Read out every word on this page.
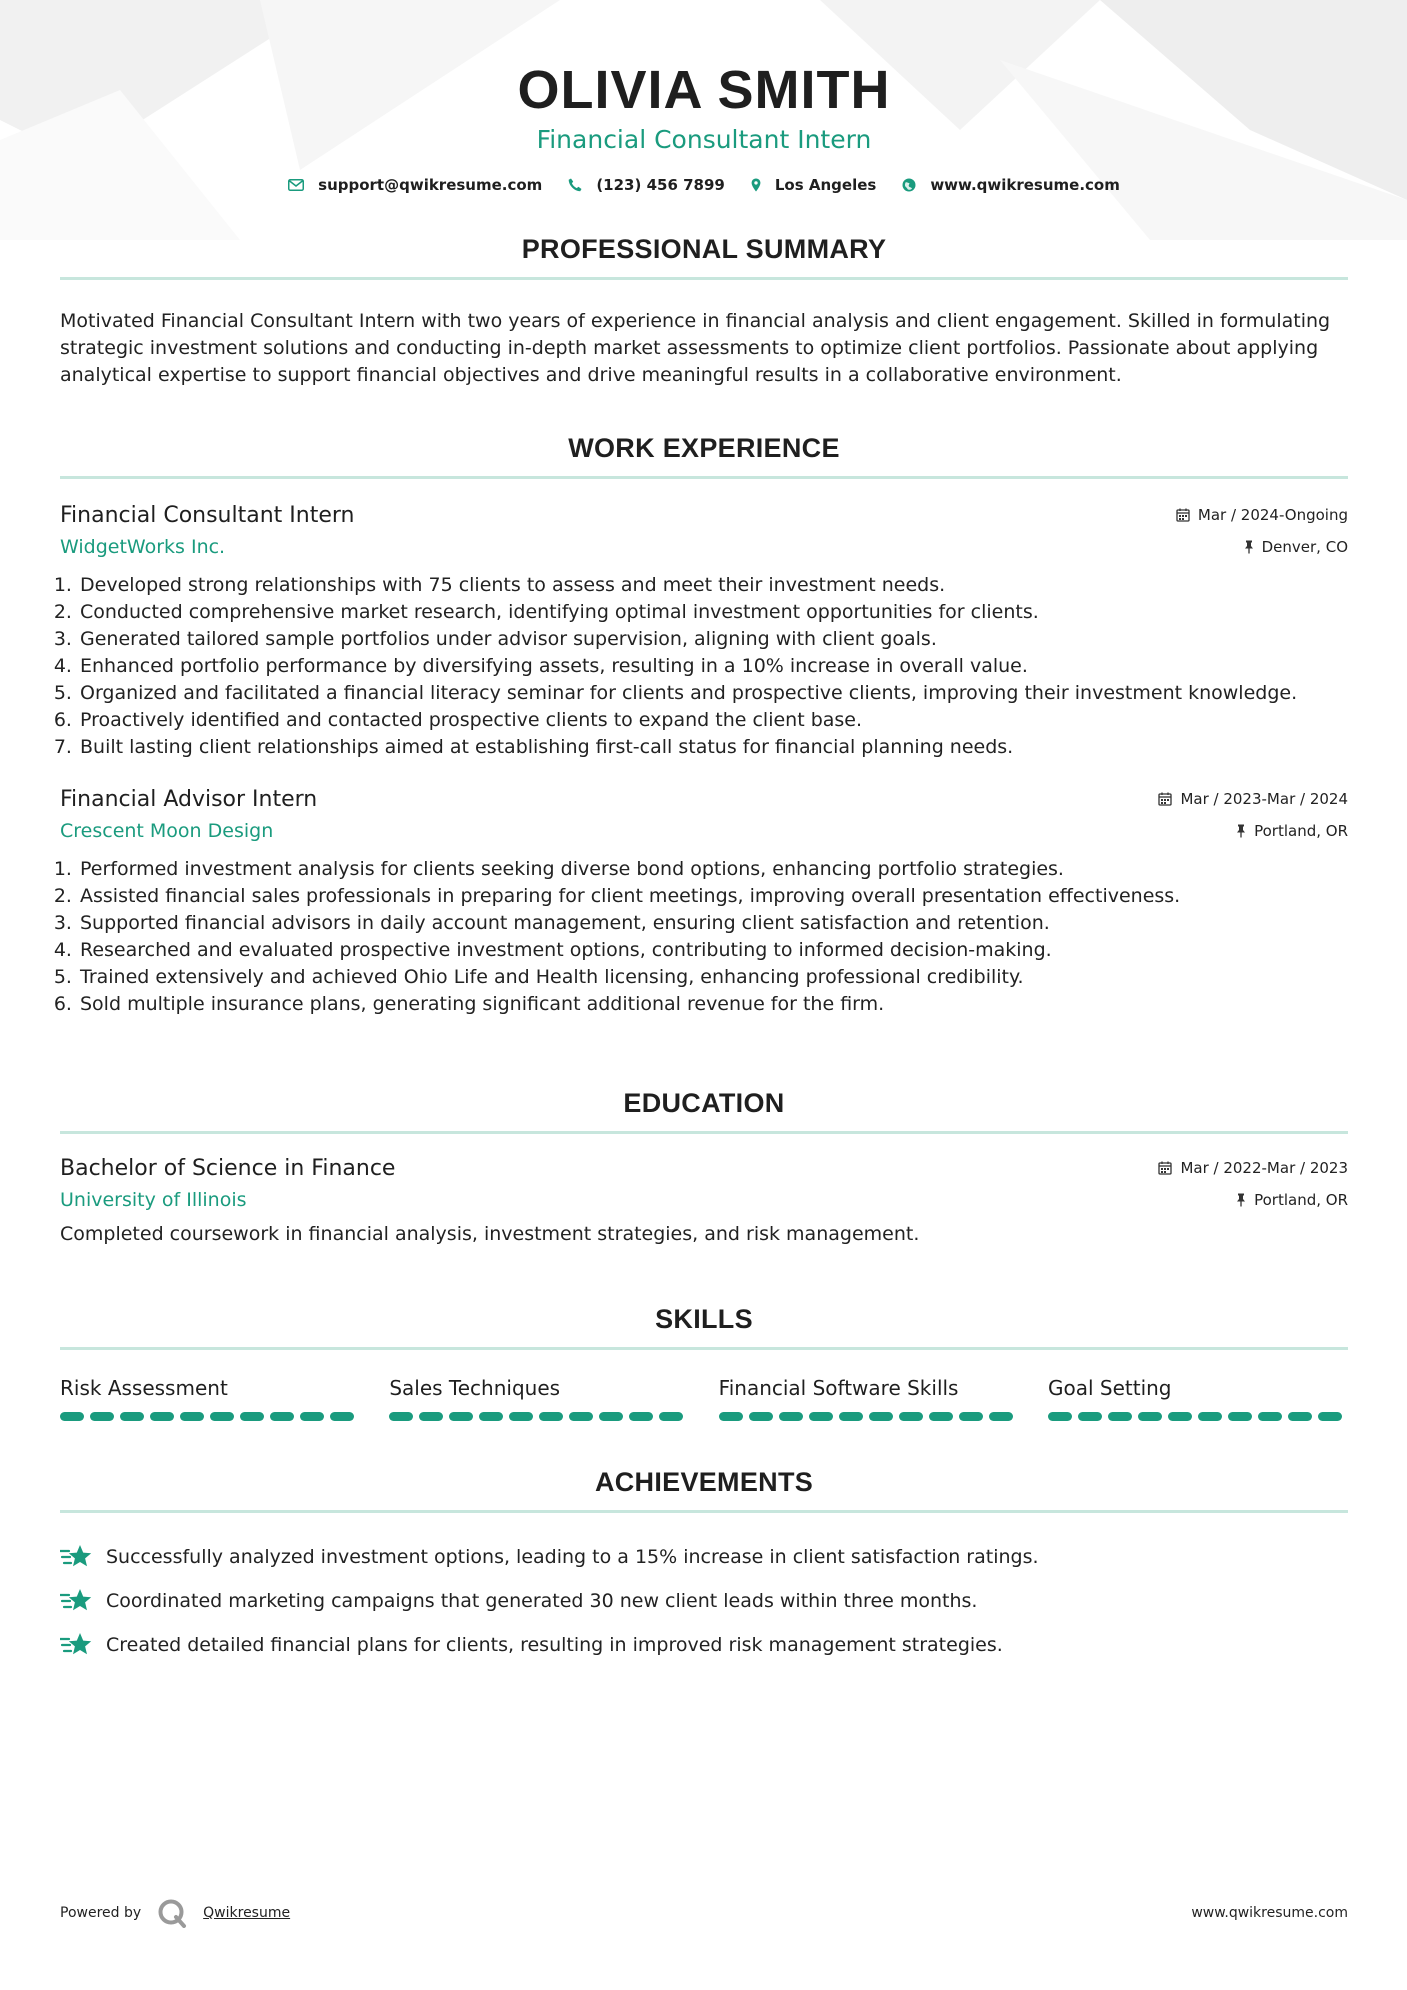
OLIVIA SMITH
Financial Consultant Intern
support@qwikresume.com	(123) 456 7899	Los Angeles	www.qwikresume.com
PROFESSIONAL SUMMARY
Motivated Financial Consultant Intern with two years of experience in financial analysis and client engagement. Skilled in formulating strategic investment solutions and conducting in-depth market assessments to optimize client portfolios. Passionate about applying analytical expertise to support financial objectives and drive meaningful results in a collaborative environment.
WORK EXPERIENCE
Financial Consultant Intern	Mar / 2024-Ongoing
WidgetWorks Inc.	Denver, CO
1. Developed strong relationships with 75 clients to assess and meet their investment needs.
2. Conducted comprehensive market research, identifying optimal investment opportunities for clients.
3. Generated tailored sample portfolios under advisor supervision, aligning with client goals.
4. Enhanced portfolio performance by diversifying assets, resulting in a 10% increase in overall value.
5. Organized and facilitated a financial literacy seminar for clients and prospective clients, improving their investment knowledge.
6. Proactively identified and contacted prospective clients to expand the client base.
7. Built lasting client relationships aimed at establishing first-call status for financial planning needs.
Financial Advisor Intern	Mar / 2023-Mar / 2024
Crescent Moon Design	Portland, OR
1. Performed investment analysis for clients seeking diverse bond options, enhancing portfolio strategies.
2. Assisted financial sales professionals in preparing for client meetings, improving overall presentation effectiveness.
3. Supported financial advisors in daily account management, ensuring client satisfaction and retention.
4. Researched and evaluated prospective investment options, contributing to informed decision-making.
5. Trained extensively and achieved Ohio Life and Health licensing, enhancing professional credibility.
6. Sold multiple insurance plans, generating significant additional revenue for the firm.
EDUCATION
Bachelor of Science in Finance	Mar / 2022-Mar / 2023
University of Illinois	Portland, OR
Completed coursework in financial analysis, investment strategies, and risk management.
SKILLS
Risk Assessment	Sales Techniques	Financial Software Skills	Goal Setting
ACHIEVEMENTS
Successfully analyzed investment options, leading to a 15% increase in client satisfaction ratings.
Coordinated marketing campaigns that generated 30 new client leads within three months.
Created detailed financial plans for clients, resulting in improved risk management strategies.
Powered by	Qwikresume	www.qwikresume.com
